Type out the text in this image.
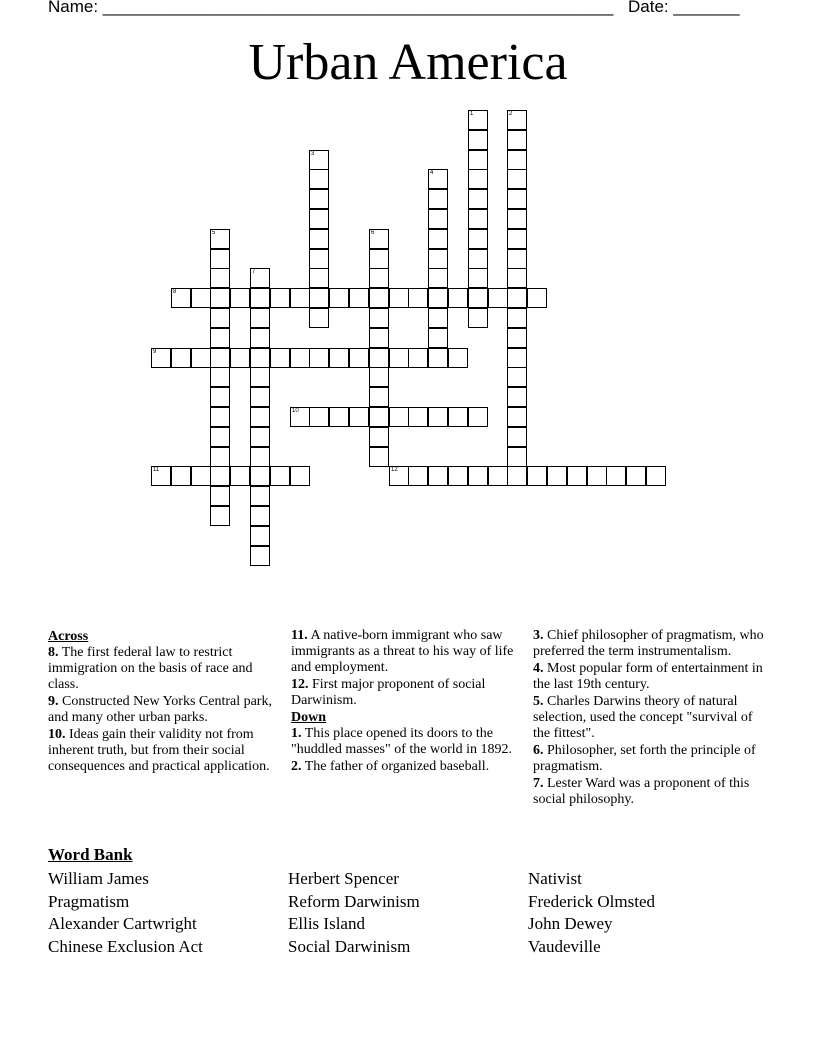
Name: ______________________________________________________ Date: _______
Urban America
1	2
3
4
5	6
7
8
9
10
11	12
Across
8. The first federal law to restrict immigration on the basis of race and class.
9. Constructed New Yorks Central park, and many other urban parks.
10. Ideas gain their validity not from inherent truth, but from their social consequences and practical application.
11. A native-born immigrant who saw immigrants as a threat to his way of life and employment.
12. First major proponent of social Darwinism.
Down
1. This place opened its doors to the "huddled masses" of the world in 1892.
2. The father of organized baseball.
3. Chief philosopher of pragmatism, who preferred the term instrumentalism.
4. Most popular form of entertainment in the last 19th century.
5. Charles Darwins theory of natural selection, used the concept "survival of the fittest".
6. Philosopher, set forth the principle of pragmatism.
7. Lester Ward was a proponent of this social philosophy.
Word Bank
William James	Herbert Spencer	Nativist
Pragmatism	Reform Darwinism	Frederick Olmsted
Alexander Cartwright	Ellis Island	John Dewey
Chinese Exclusion Act	Social Darwinism	Vaudeville
